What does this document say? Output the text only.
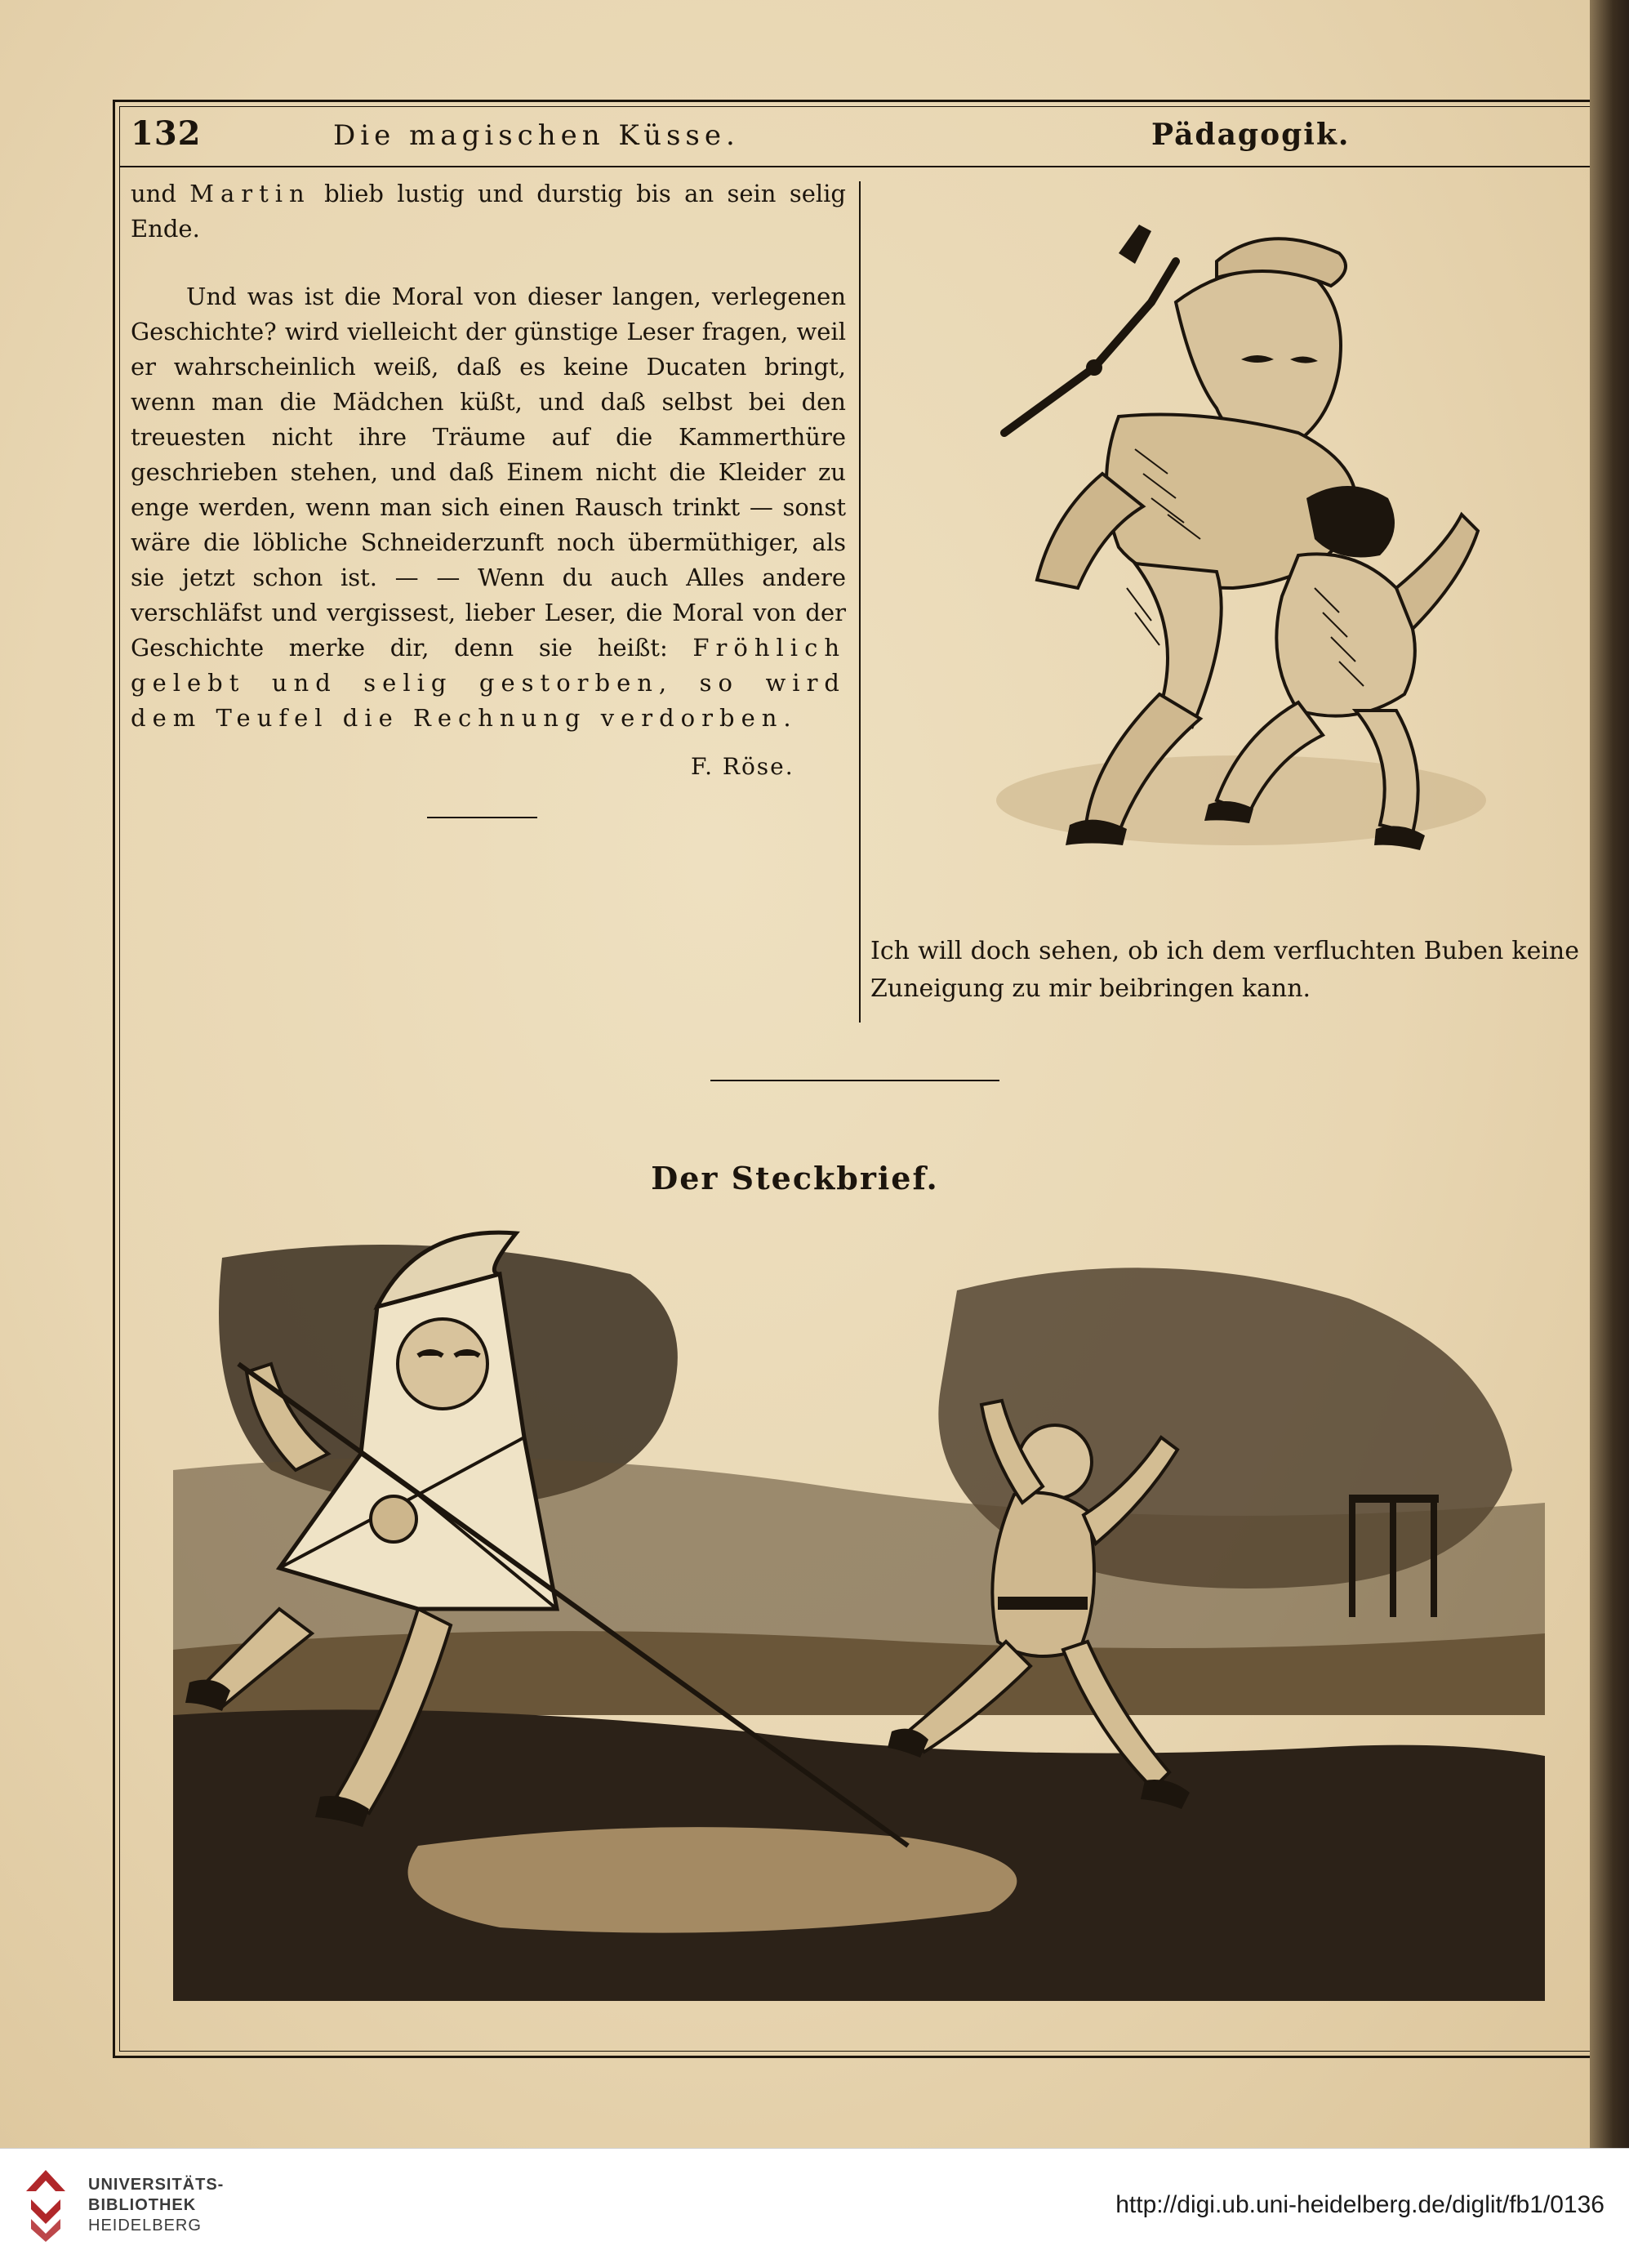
132	Die magischen Küsse.	Pädagogik.

und Martin blieb lustig und durstig bis an sein selig Ende.

Und was ist die Moral von dieser langen, verlegenen Geschichte? wird vielleicht der günstige Leser fragen, weil er wahrscheinlich weiß, daß es keine Ducaten bringt, wenn man die Mädchen küßt, und daß selbst bei den treuesten nicht ihre Träume auf die Kammerthüre geschrieben stehen, und daß Einem nicht die Kleider zu enge werden, wenn man sich einen Rausch trinkt — sonst wäre die löbliche Schneiderzunft noch übermüthiger, als sie jetzt schon ist. — — Wenn du auch Alles andere verschläfst und vergissest, lieber Leser, die Moral von der Geschichte merke dir, denn sie heißt: Fröhlich gelebt und selig gestorben, so wird dem Teufel die Rechnung verdorben.

F. Röse.
Ich will doch sehen, ob ich dem verfluchten Buben keine Zuneigung zu mir beibringen kann.
Der Steckbrief.
UNIVERSITÄTS-
BIBLIOTHEK
HEIDELBERG
http://digi.ub.uni-heidelberg.de/diglit/fb1/0136
